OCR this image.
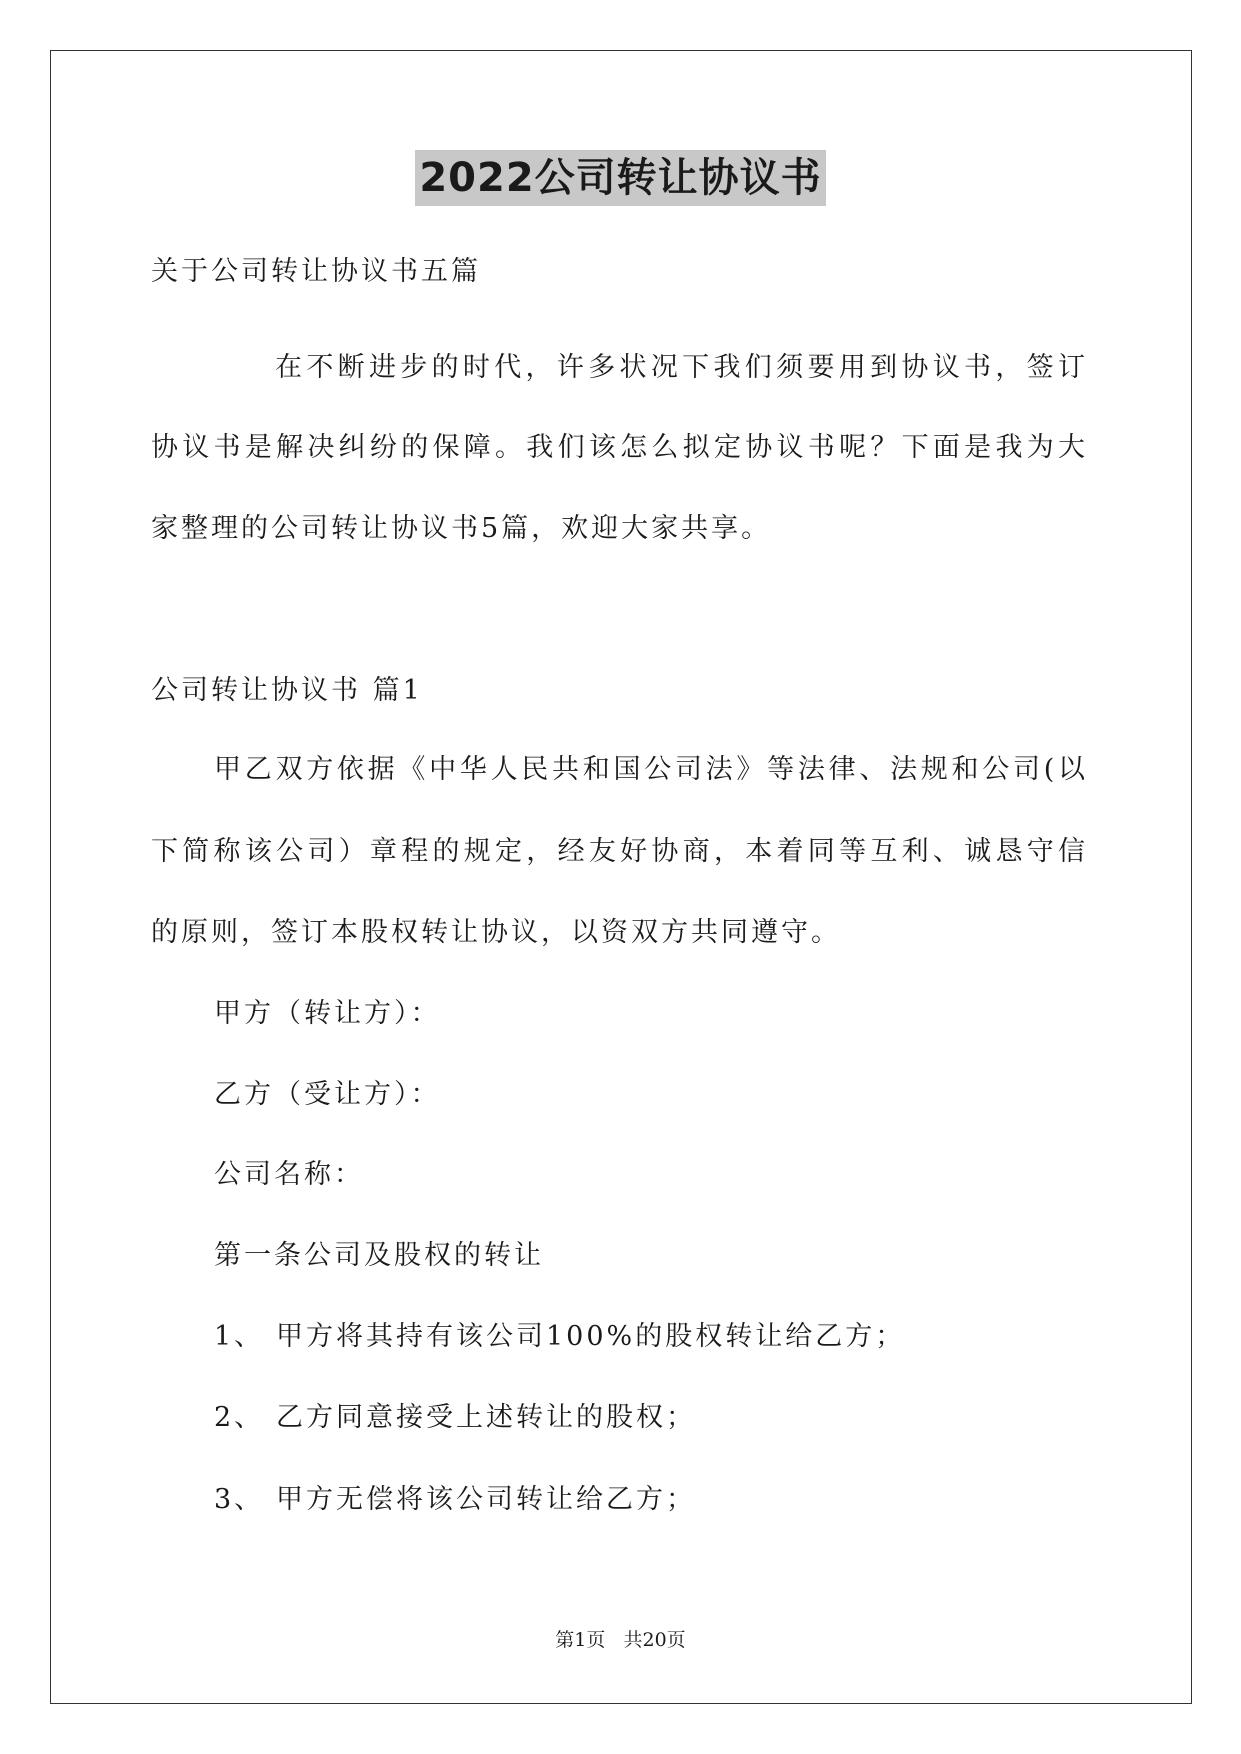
2022公司转让协议书
关于公司转让协议书五篇
在不断进步的时代，许多状况下我们须要用到协议书，签订
协议书是解决纠纷的保障。我们该怎么拟定协议书呢？下面是我为大
家整理的公司转让协议书5篇，欢迎大家共享。
公司转让协议书 篇1
甲乙双方依据《中华人民共和国公司法》等法律、法规和公司(以
下简称该公司）章程的规定，经友好协商，本着同等互利、诚恳守信
的原则，签订本股权转让协议，以资双方共同遵守。
甲方（转让方）：
乙方（受让方）：
公司名称：
第一条公司及股权的转让
1、 甲方将其持有该公司100%的股权转让给乙方；
2、 乙方同意接受上述转让的股权；
3、 甲方无偿将该公司转让给乙方；
第1页   共20页
